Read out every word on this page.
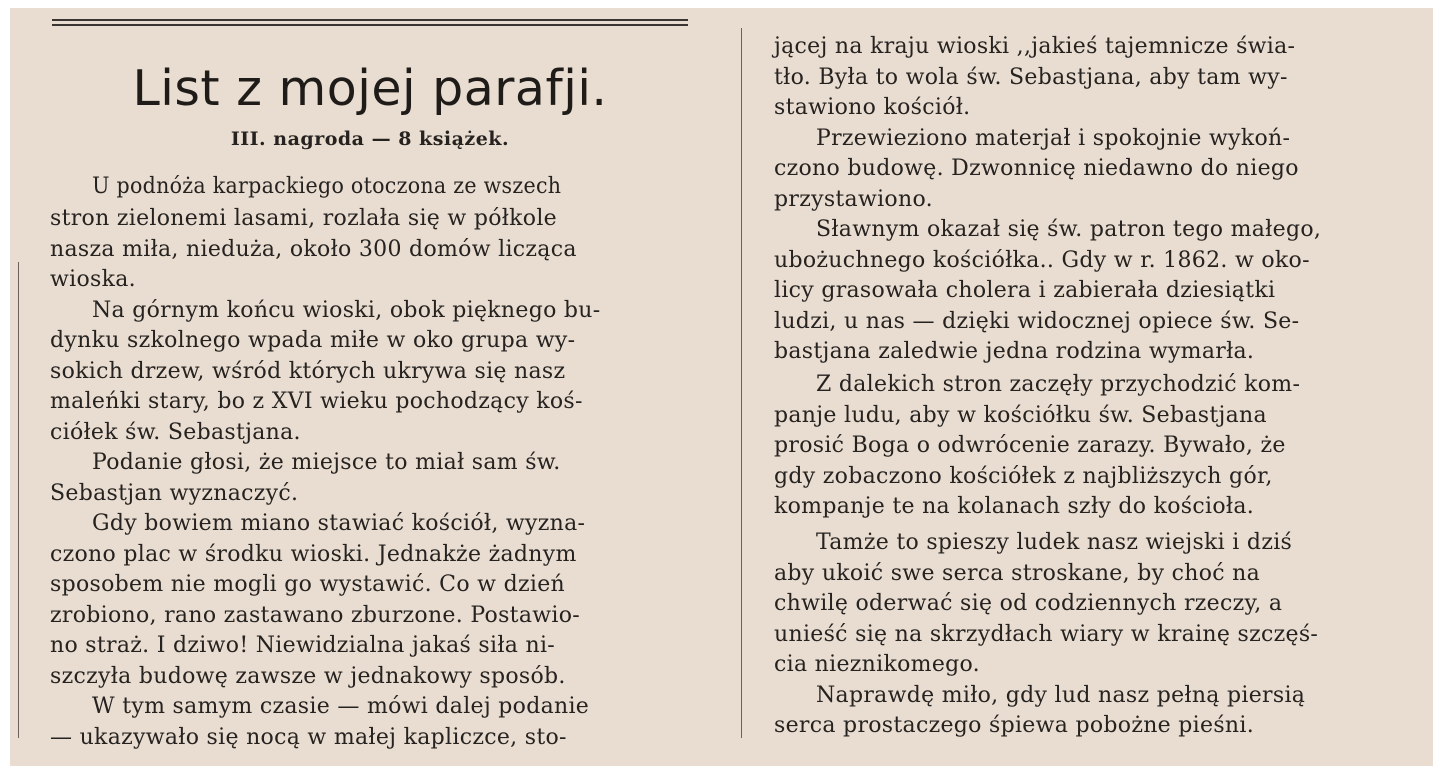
List z mojej parafji.
III. nagroda — 8 książek.
U podnóża karpackiego otoczona ze wszech
stron zielonemi lasami, rozlała się w półkole
nasza miła, nieduża, około 300 domów licząca
wioska.
Na górnym końcu wioski, obok pięknego bu-
dynku szkolnego wpada miłe w oko grupa wy-
sokich drzew, wśród których ukrywa się nasz
maleńki stary, bo z XVI wieku pochodzący koś-
ciółek św. Sebastjana.
Podanie głosi, że miejsce to miał sam św.
Sebastjan wyznaczyć.
Gdy bowiem miano stawiać kościół, wyzna-
czono plac w środku wioski. Jednakże żadnym
sposobem nie mogli go wystawić. Co w dzień
zrobiono, rano zastawano zburzone. Postawio-
no straż. I dziwo! Niewidzialna jakaś siła ni-
szczyła budowę zawsze w jednakowy sposób.
W tym samym czasie — mówi dalej podanie
— ukazywało się nocą w małej kapliczce, sto-
jącej na kraju wioski ,,jakieś tajemnicze świa-
tło. Była to wola św. Sebastjana, aby tam wy-
stawiono kościół.
Przewieziono materjał i spokojnie wykoń-
czono budowę. Dzwonnicę niedawno do niego
przystawiono.
Sławnym okazał się św. patron tego małego,
ubożuchnego kościółka.. Gdy w r. 1862. w oko-
licy grasowała cholera i zabierała dziesiątki
ludzi, u nas — dzięki widocznej opiece św. Se-
bastjana zaledwie jedna rodzina wymarła.
Z dalekich stron zaczęły przychodzić kom-
panje ludu, aby w kościółku św. Sebastjana
prosić Boga o odwrócenie zarazy. Bywało, że
gdy zobaczono kościółek z najbliższych gór,
kompanje te na kolanach szły do kościoła.
Tamże to spieszy ludek nasz wiejski i dziś
aby ukoić swe serca stroskane, by choć na
chwilę oderwać się od codziennych rzeczy, a
unieść się na skrzydłach wiary w krainę szczęś-
cia nieznikomego.
Naprawdę miło, gdy lud nasz pełną piersią
serca prostaczego śpiewa pobożne pieśni.
